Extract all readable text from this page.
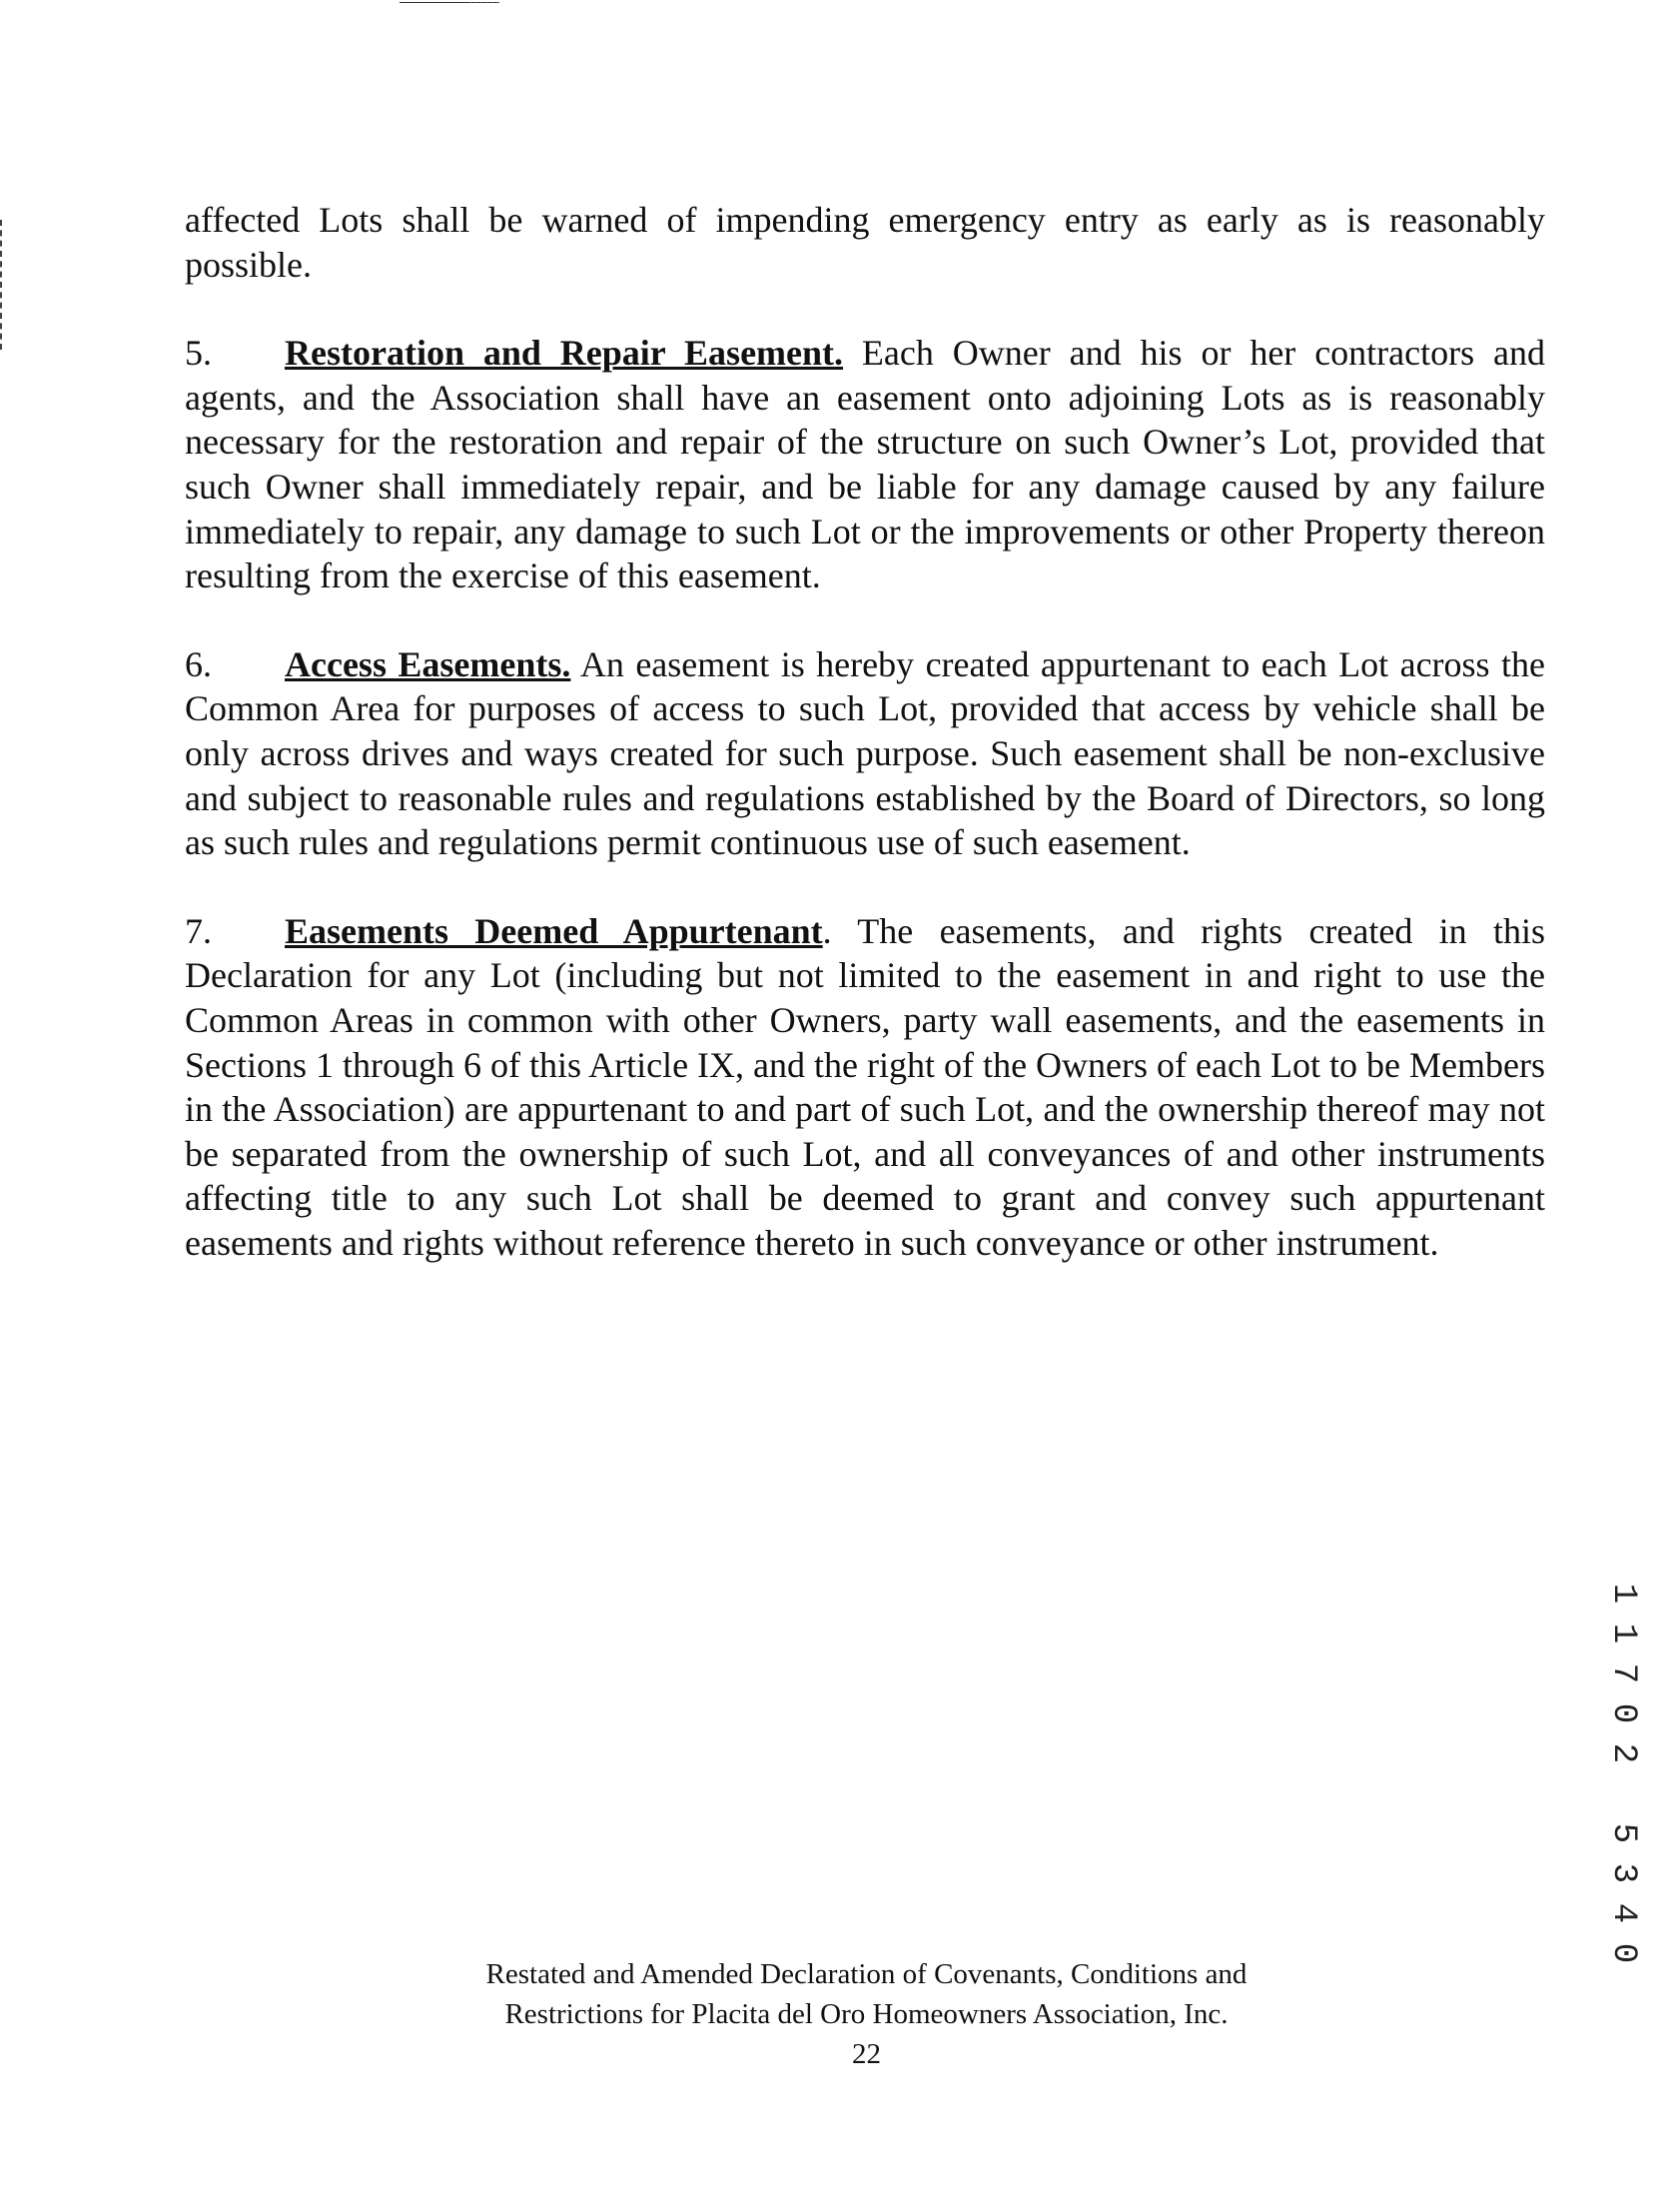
affected Lots shall be warned of impending emergency entry as early as is reasonably possible.

5. Restoration and Repair Easement. Each Owner and his or her contractors and agents, and the Association shall have an easement onto adjoining Lots as is reasonably necessary for the restoration and repair of the structure on such Owner’s Lot, provided that such Owner shall immediately repair, and be liable for any damage caused by any failure immediately to repair, any damage to such Lot or the improvements or other Property thereon resulting from the exercise of this easement.

6. Access Easements. An easement is hereby created appurtenant to each Lot across the Common Area for purposes of access to such Lot, provided that access by vehicle shall be only across drives and ways created for such purpose. Such easement shall be non-exclusive and subject to reasonable rules and regulations established by the Board of Directors, so long as such rules and regulations permit continuous use of such easement.

7. Easements Deemed Appurtenant. The easements, and rights created in this Declaration for any Lot (including but not limited to the easement in and right to use the Common Areas in common with other Owners, party wall easements, and the easements in Sections 1 through 6 of this Article IX, and the right of the Owners of each Lot to be Members in the Association) are appurtenant to and part of such Lot, and the ownership thereof may not be separated from the ownership of such Lot, and all conveyances of and other instruments affecting title to any such Lot shall be deemed to grant and convey such appurtenant easements and rights without reference thereto in such conveyance or other instrument.

1
1
7
0
2
5
3
4
0
Restated and Amended Declaration of Covenants, Conditions and
Restrictions for Placita del Oro Homeowners Association, Inc.
22
